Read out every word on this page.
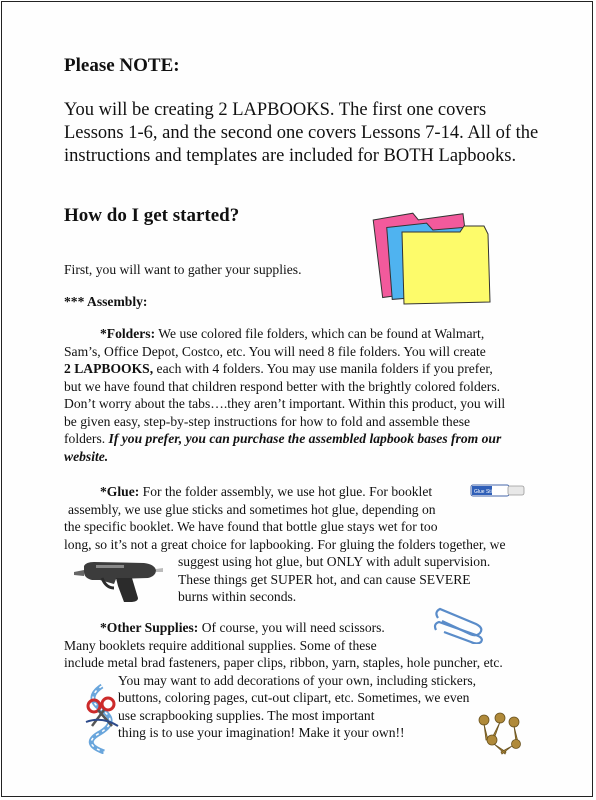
Please NOTE:
You will be creating 2 LAPBOOKS. The first one covers
Lessons 1-6, and the second one covers Lessons 7-14. All of the
instructions and templates are included for BOTH Lapbooks.
How do I get started?
First, you will want to gather your supplies.
*** Assembly:
*Folders: We use colored file folders, which can be found at Walmart,
Sam’s, Office Depot, Costco, etc. You will need 8 file folders. You will create
2 LAPBOOKS, each with 4 folders. You may use manila folders if you prefer,
but we have found that children respond better with the brightly colored folders.
Don’t worry about the tabs….they aren’t important. Within this product, you will
be given easy, step-by-step instructions for how to fold and assemble these
folders. If you prefer, you can purchase the assembled lapbook bases from our
website.
*Glue: For the folder assembly, we use hot glue. For booklet
assembly, we use glue sticks and sometimes hot glue, depending on
the specific booklet. We have found that bottle glue stays wet for too
long, so it’s not a great choice for lapbooking. For gluing the folders together, we
suggest using hot glue, but ONLY with adult supervision.
These things get SUPER hot, and can cause SEVERE
burns within seconds.
Glue Stick
*Other Supplies: Of course, you will need scissors.
Many booklets require additional supplies. Some of these
include metal brad fasteners, paper clips, ribbon, yarn, staples, hole puncher, etc.
You may want to add decorations of your own, including stickers,
buttons, coloring pages, cut-out clipart, etc. Sometimes, we even
use scrapbooking supplies. The most important
thing is to use your imagination! Make it your own!!
